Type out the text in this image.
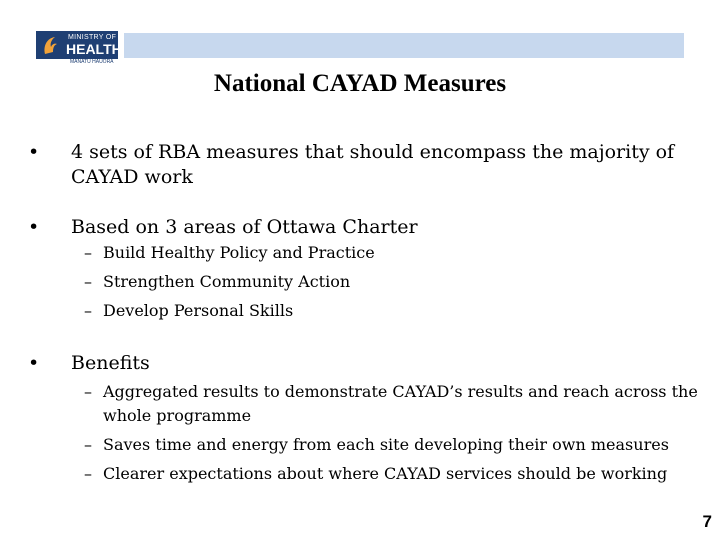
MINISTRY OF
HEALTH
MANATŪ HAUORA
National CAYAD Measures
•	4 sets of RBA measures that should encompass the majority of CAYAD work
•	Based on 3 areas of Ottawa Charter
– Build Healthy Policy and Practice
– Strengthen Community Action
– Develop Personal Skills
•	Benefits
– Aggregated results to demonstrate CAYAD’s results and reach across the whole programme
– Saves time and energy from each site developing their own measures
– Clearer expectations about where CAYAD services should be working
7
